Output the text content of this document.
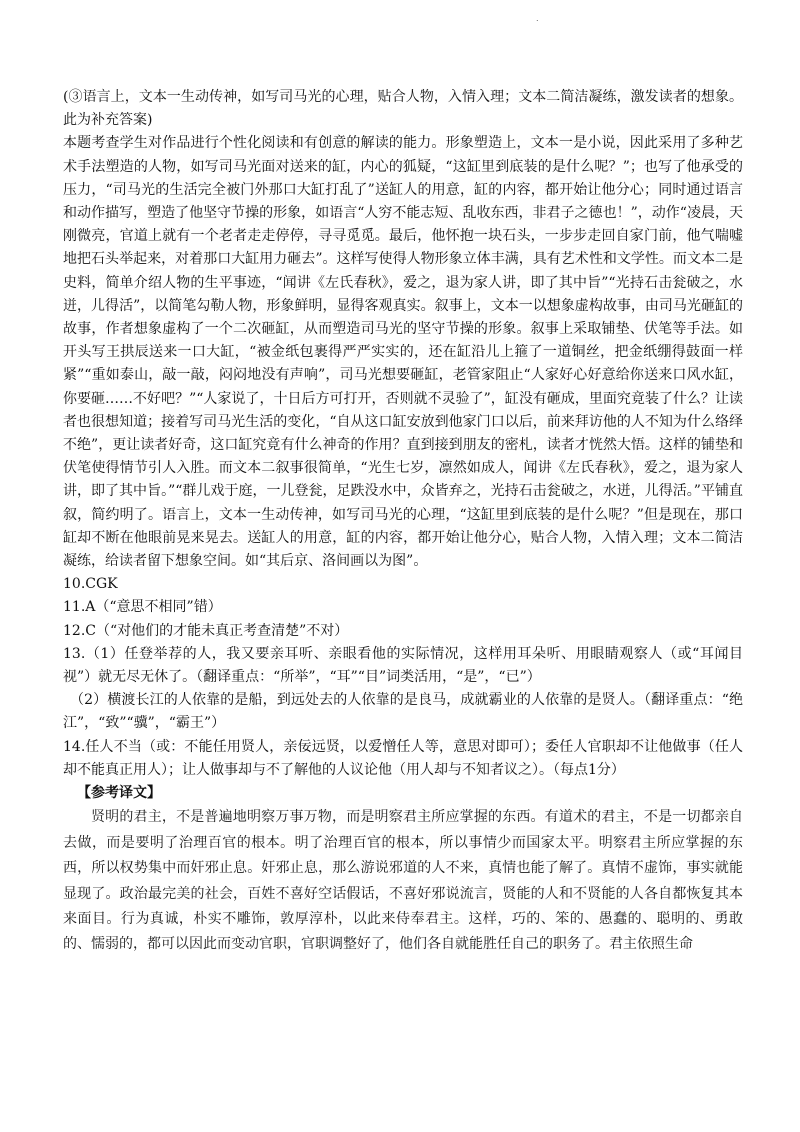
.

(③语言上，文本一生动传神，如写司马光的心理，贴合人物，入情入理；文本二简洁凝练，激发读者的想象。此为补充答案)

本题考查学生对作品进行个性化阅读和有创意的解读的能力。形象塑造上，文本一是小说，因此采用了多种艺术手法塑造的人物，如写司马光面对送来的缸，内心的狐疑，“这缸里到底装的是什么呢？”；也写了他承受的压力，“司马光的生活完全被门外那口大缸打乱了”送缸人的用意，缸的内容，都开始让他分心；同时通过语言和动作描写，塑造了他坚守节操的形象，如语言“人穷不能志短、乱收东西，非君子之德也！”，动作“凌晨，天刚微亮，官道上就有一个老者走走停停，寻寻觅觅。最后，他怀抱一块石头，一步步走回自家门前，他气喘嘘地把石头举起来，对着那口大缸用力砸去”。这样写使得人物形象立体丰满，具有艺术性和文学性。而文本二是史料，简单介绍人物的生平事迹，“闻讲《左氏春秋》，爱之，退为家人讲，即了其中旨”“光持石击瓮破之，水迸，儿得活”，以简笔勾勒人物，形象鲜明，显得客观真实。叙事上，文本一以想象虚构故事，由司马光砸缸的故事，作者想象虚构了一个二次砸缸，从而塑造司马光的坚守节操的形象。叙事上采取铺垫、伏笔等手法。如开头写王拱辰送来一口大缸，“被金纸包裹得严严实实的，还在缸沿儿上箍了一道铜丝，把金纸绷得鼓面一样紧”“重如泰山，敲一敲，闷闷地没有声响”，司马光想要砸缸，老管家阻止“人家好心好意给你送来口风水缸，你要砸……不好吧？”“人家说了，十日后方可打开，否则就不灵验了”，缸没有砸成，里面究竟装了什么？让读者也很想知道；接着写司马光生活的变化，“自从这口缸安放到他家门口以后，前来拜访他的人不知为什么络绎不绝”，更让读者好奇，这口缸究竟有什么神奇的作用？直到接到朋友的密札，读者才恍然大悟。这样的铺垫和伏笔使得情节引人入胜。而文本二叙事很简单，“光生七岁，凛然如成人，闻讲《左氏春秋》，爱之，退为家人讲，即了其中旨。”“群儿戏于庭，一儿登瓮，足跌没水中，众皆弃之，光持石击瓮破之，水迸，儿得活。”平铺直叙，简约明了。语言上，文本一生动传神，如写司马光的心理，“这缸里到底装的是什么呢？”但是现在，那口缸却不断在他眼前晃来晃去。送缸人的用意，缸的内容，都开始让他分心，贴合人物，入情入理；文本二简洁凝练，给读者留下想象空间。如“其后京、洛间画以为图”。

10.CGK

11.A（“意思不相同”错）

12.C（“对他们的才能未真正考查清楚”不对）

13.（1）任登举荐的人，我又要亲耳听、亲眼看他的实际情况，这样用耳朵听、用眼睛观察人（或“耳闻目视”）就无尽无休了。（翻译重点：“所举”，“耳”“目”词类活用，“是”，“已”）

（2）横渡长江的人依靠的是船，到远处去的人依靠的是良马，成就霸业的人依靠的是贤人。（翻译重点：“绝江”，“致”“骥”，“霸王”）

14.任人不当（或：不能任用贤人，亲佞远贤，以爱憎任人等，意思对即可）；委任人官职却不让他做事（任人却不能真正用人）；让人做事却与不了解他的人议论他（用人却与不知者议之）。（每点1分）

【参考译文】

贤明的君主，不是普遍地明察万事万物，而是明察君主所应掌握的东西。有道术的君主，不是一切都亲自去做，而是要明了治理百官的根本。明了治理百官的根本，所以事情少而国家太平。明察君主所应掌握的东西，所以权势集中而奸邪止息。奸邪止息，那么游说邪道的人不来，真情也能了解了。真情不虚饰，事实就能显现了。政治最完美的社会，百姓不喜好空话假话，不喜好邪说流言，贤能的人和不贤能的人各自都恢复其本来面目。行为真诚，朴实不雕饰，敦厚淳朴，以此来侍奉君主。这样，巧的、笨的、愚蠢的、聪明的、勇敢的、懦弱的，都可以因此而变动官职，官职调整好了，他们各自就能胜任自己的职务了。君主依照生命
